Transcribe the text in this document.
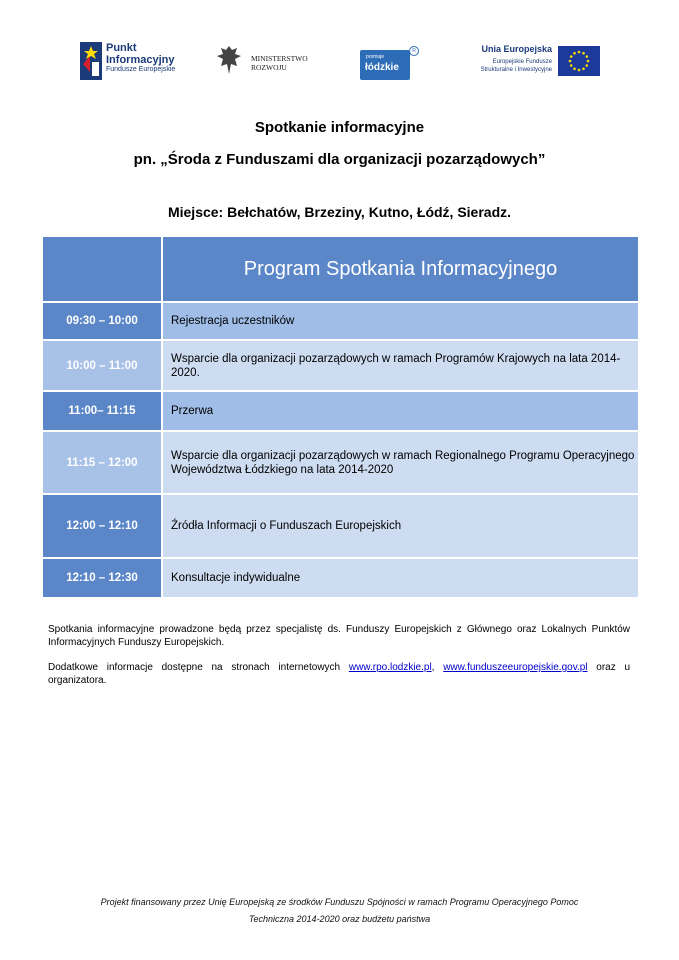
Punkt
Informacyjny
Fundusze Europejskie
MINISTERSTWO
ROZWOJU
promuje
łódzkie
R	Unia Europejska
Europejskie Fundusze
Strukturalne i Inwestycyjne
Spotkanie informacyjne
pn. „Środa z Funduszami dla organizacji pozarządowych”
Miejsce: Bełchatów, Brzeziny, Kutno, Łódź, Sieradz.
	Program Spotkania Informacyjnego
09:30 – 10:00	Rejestracja uczestników
10:00 – 11:00	Wsparcie dla organizacji pozarządowych w ramach Programów Krajowych na lata 2014-2020.
11:00– 11:15	Przerwa
11:15 – 12:00	Wsparcie dla organizacji pozarządowych w ramach Regionalnego Programu Operacyjnego Województwa Łódzkiego na lata 2014-2020
12:00 – 12:10	Źródła Informacji o Funduszach Europejskich
12:10 – 12:30	Konsultacje indywidualne
Spotkania informacyjne prowadzone będą przez specjalistę ds. Funduszy Europejskich z Głównego oraz Lokalnych Punktów Informacyjnych Funduszy Europejskich.
Dodatkowe informacje dostępne na stronach internetowych www.rpo.lodzkie.pl, www.funduszeeuropejskie.gov.pl oraz u organizatora.
Projekt finansowany przez Unię Europejską ze środków Funduszu Spójności w ramach Programu Operacyjnego Pomoc
Techniczna 2014-2020 oraz budżetu państwa
